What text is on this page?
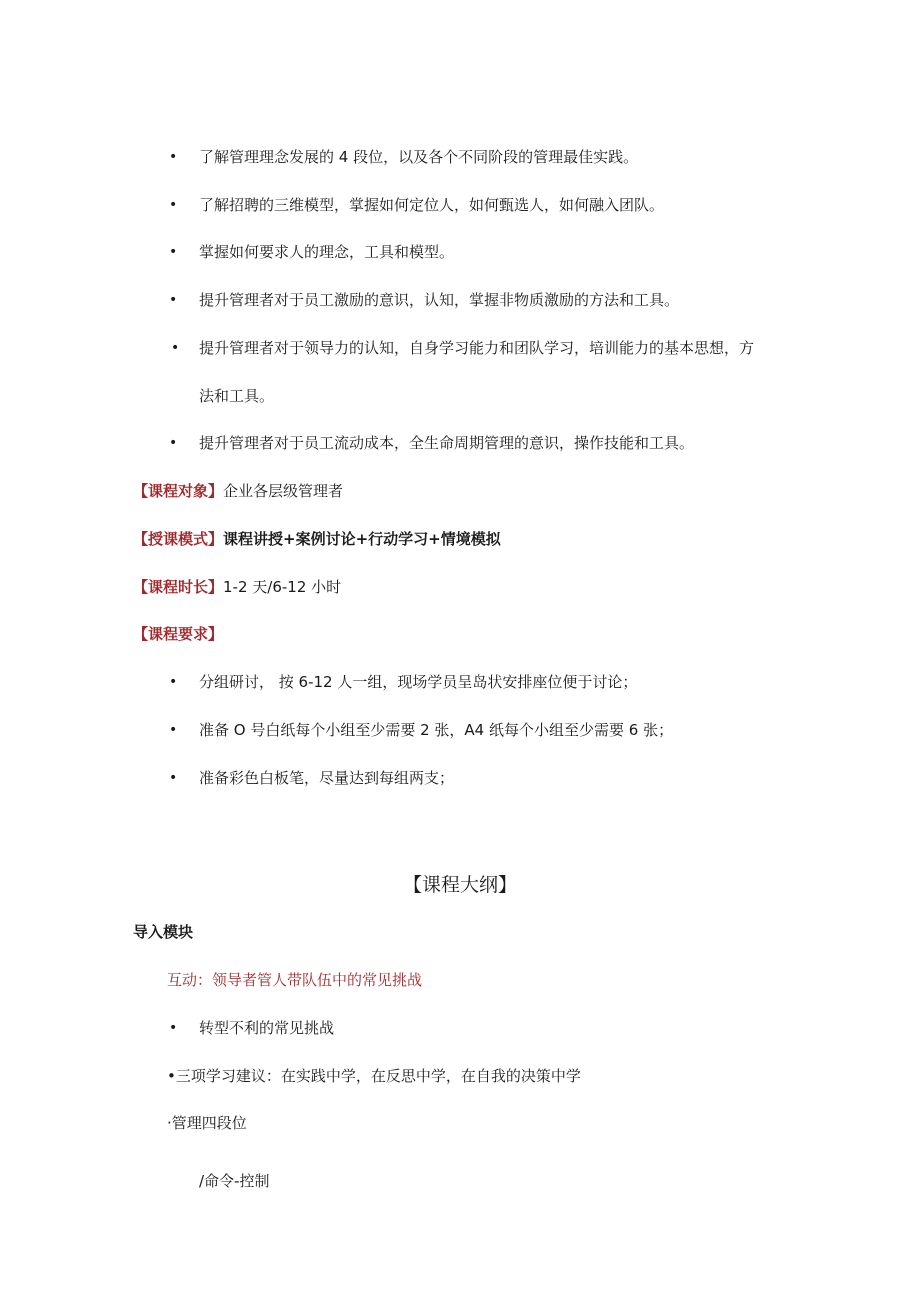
• 了解管理理念发展的 4 段位，以及各个不同阶段的管理最佳实践。
• 了解招聘的三维模型，掌握如何定位人，如何甄选人，如何融入团队。
• 掌握如何要求人的理念，工具和模型。
• 提升管理者对于员工激励的意识，认知，掌握非物质激励的方法和工具。
• 提升管理者对于领导力的认知，自身学习能力和团队学习，培训能力的基本思想，方
法和工具。
• 提升管理者对于员工流动成本，全生命周期管理的意识，操作技能和工具。
【课程对象】企业各层级管理者
【授课模式】课程讲授+案例讨论+行动学习+情境模拟
【课程时长】1-2 天/6-12 小时
【课程要求】
• 分组研讨， 按 6-12 人一组，现场学员呈岛状安排座位便于讨论；
• 准备 O 号白纸每个小组至少需要 2 张，A4 纸每个小组至少需要 6 张；
• 准备彩色白板笔，尽量达到每组两支；
【课程大纲】
导入模块
互动：领导者管人带队伍中的常见挑战
• 转型不利的常见挑战
•三项学习建议：在实践中学，在反思中学，在自我的决策中学
·管理四段位
/命令-控制
